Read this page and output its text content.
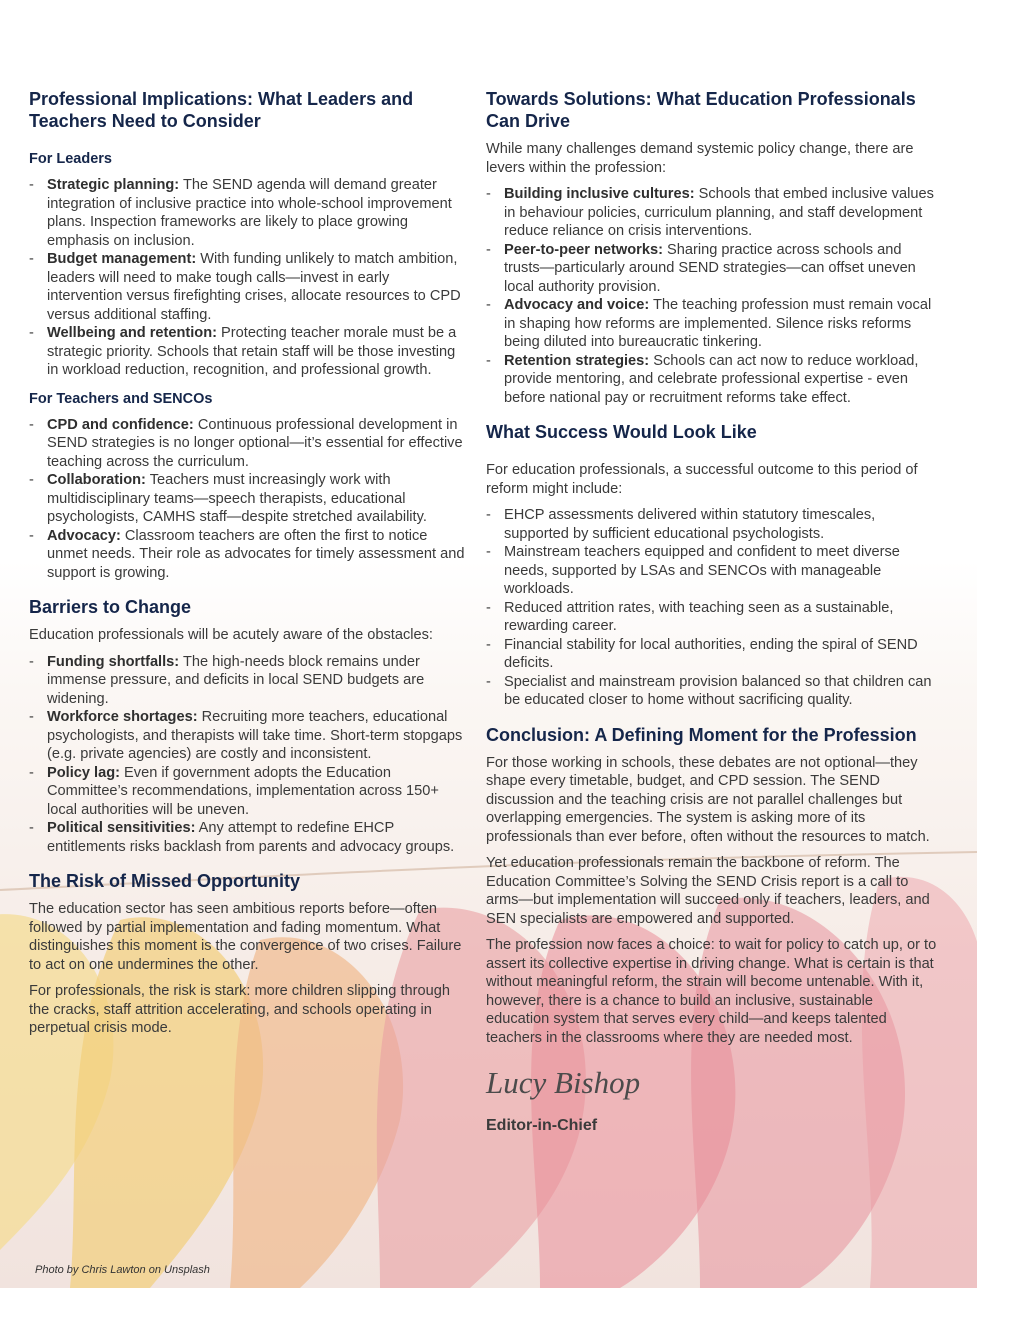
Professional Implications: What Leaders and Teachers Need to Consider
For Leaders
- Strategic planning: The SEND agenda will demand greater integration of inclusive practice into whole-school improvement plans. Inspection frameworks are likely to place growing emphasis on inclusion.
- Budget management: With funding unlikely to match ambition, leaders will need to make tough calls—invest in early intervention versus firefighting crises, allocate resources to CPD versus additional staffing.
- Wellbeing and retention: Protecting teacher morale must be a strategic priority. Schools that retain staff will be those investing in workload reduction, recognition, and professional growth.
For Teachers and SENCOs
- CPD and confidence: Continuous professional development in SEND strategies is no longer optional—it’s essential for effective teaching across the curriculum.
- Collaboration: Teachers must increasingly work with multidisciplinary teams—speech therapists, educational psychologists, CAMHS staff—despite stretched availability.
- Advocacy: Classroom teachers are often the first to notice unmet needs. Their role as advocates for timely assessment and support is growing.
Barriers to Change

Education professionals will be acutely aware of the obstacles:

- Funding shortfalls: The high-needs block remains under immense pressure, and deficits in local SEND budgets are widening.
- Workforce shortages: Recruiting more teachers, educational psychologists, and therapists will take time. Short-term stopgaps (e.g. private agencies) are costly and inconsistent.
- Policy lag: Even if government adopts the Education Committee’s recommendations, implementation across 150+ local authorities will be uneven.
- Political sensitivities: Any attempt to redefine EHCP entitlements risks backlash from parents and advocacy groups.
The Risk of Missed Opportunity

The education sector has seen ambitious reports before—often followed by partial implementation and fading momentum. What distinguishes this moment is the convergence of two crises. Failure to act on one undermines the other.

For professionals, the risk is stark: more children slipping through the cracks, staff attrition accelerating, and schools operating in perpetual crisis mode.

Towards Solutions: What Education Professionals Can Drive

While many challenges demand systemic policy change, there are levers within the profession:

- Building inclusive cultures: Schools that embed inclusive values in behaviour policies, curriculum planning, and staff development reduce reliance on crisis interventions.
- Peer-to-peer networks: Sharing practice across schools and trusts—particularly around SEND strategies—can offset uneven local authority provision.
- Advocacy and voice: The teaching profession must remain vocal in shaping how reforms are implemented. Silence risks reforms being diluted into bureaucratic tinkering.
- Retention strategies: Schools can act now to reduce workload, provide mentoring, and celebrate professional expertise - even before national pay or recruitment reforms take effect.
What Success Would Look Like

For education professionals, a successful outcome to this period of reform might include:

- EHCP assessments delivered within statutory timescales, supported by sufficient educational psychologists.
- Mainstream teachers equipped and confident to meet diverse needs, supported by LSAs and SENCOs with manageable workloads.
- Reduced attrition rates, with teaching seen as a sustainable, rewarding career.
- Financial stability for local authorities, ending the spiral of SEND deficits.
- Specialist and mainstream provision balanced so that children can be educated closer to home without sacrificing quality.
Conclusion: A Defining Moment for the Profession

For those working in schools, these debates are not optional—they shape every timetable, budget, and CPD session. The SEND discussion and the teaching crisis are not parallel challenges but overlapping emergencies. The system is asking more of its professionals than ever before, often without the resources to match.

Yet education professionals remain the backbone of reform. The Education Committee’s Solving the SEND Crisis report is a call to arms—but implementation will succeed only if teachers, leaders, and SEN specialists are empowered and supported.

The profession now faces a choice: to wait for policy to catch up, or to assert its collective expertise in driving change. What is certain is that without meaningful reform, the strain will become untenable. With it, however, there is a chance to build an inclusive, sustainable education system that serves every child—and keeps talented teachers in the classrooms where they are needed most.

Lucy Bishop
Editor-in-Chief
Photo by Chris Lawton on Unsplash
